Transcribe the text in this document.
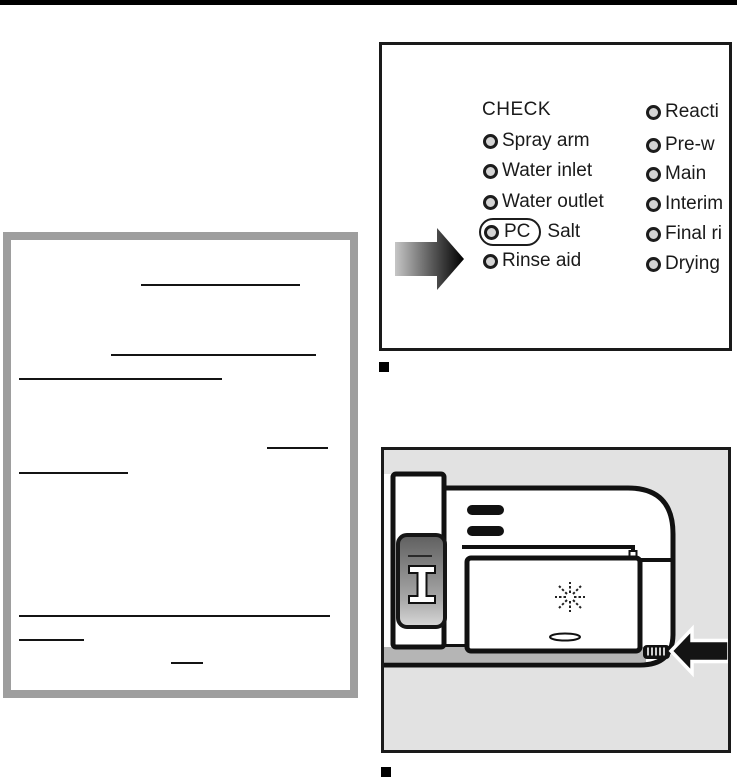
CHECK
Spray arm
Water inlet
Water outlet
PC Salt
Rinse aid
Reacti
Pre-w
Main
Interim
Final ri
Drying
